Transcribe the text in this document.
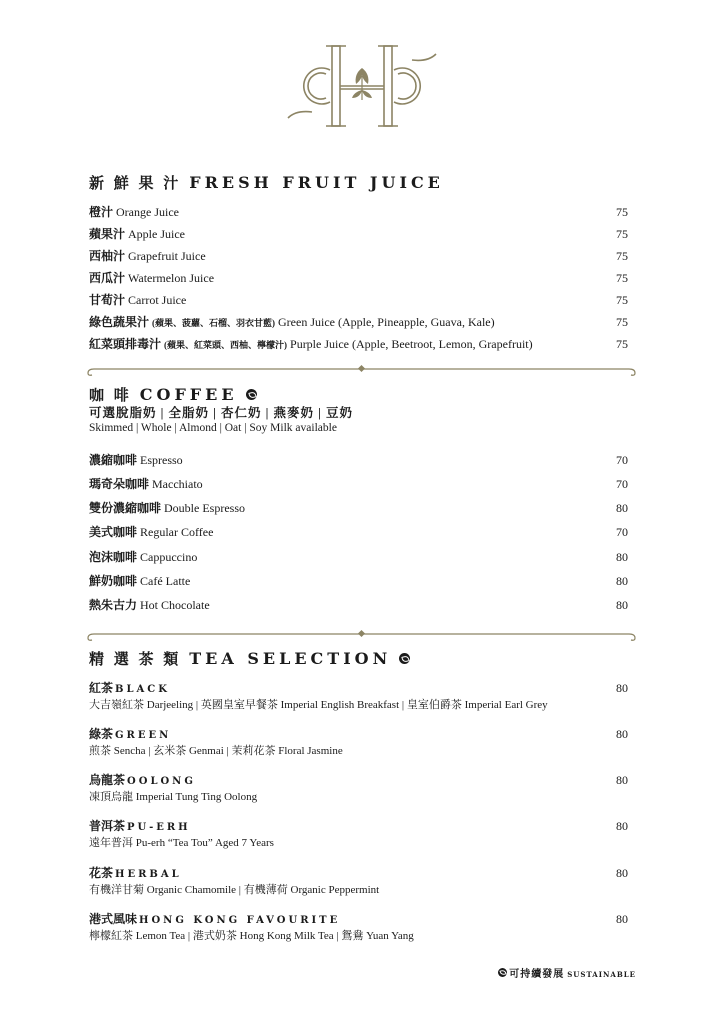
新 鮮 果 汁 FRESH FRUIT JUICE
橙汁 Orange Juice	75
蘋果汁 Apple Juice	75
西柚汁 Grapefruit Juice	75
西瓜汁 Watermelon Juice	75
甘荀汁 Carrot Juice	75
綠色蔬果汁 (蘋果、菠蘿、石榴、羽衣甘藍) Green Juice (Apple, Pineapple, Guava, Kale)	75
紅菜頭排毒汁 (蘋果、紅菜頭、西柚、檸檬汁) Purple Juice (Apple, Beetroot, Lemon, Grapefruit)	75
咖 啡 COFFEE
可選脫脂奶 | 全脂奶 | 杏仁奶 | 燕麥奶 | 豆奶
Skimmed | Whole | Almond | Oat | Soy Milk available
濃縮咖啡 Espresso	70
瑪奇朵咖啡 Macchiato	70
雙份濃縮咖啡 Double Espresso	80
美式咖啡 Regular Coffee	70
泡沫咖啡 Cappuccino	80
鮮奶咖啡 Café Latte	80
熱朱古力 Hot Chocolate	80
精 選 茶 類 TEA SELECTION
紅茶 BLACK	80
大吉嶺紅茶 Darjeeling | 英國皇室早餐茶 Imperial English Breakfast | 皇室伯爵茶 Imperial Earl Grey
綠茶 GREEN	80
煎茶 Sencha | 玄米茶 Genmai | 茉莉花茶 Floral Jasmine
烏龍茶 OOLONG	80
凍頂烏龍 Imperial Tung Ting Oolong
普洱茶 PU-ERH	80
遠年普洱 Pu-erh “Tea Tou” Aged 7 Years
花茶 HERBAL	80
有機洋甘菊 Organic Chamomile | 有機薄荷 Organic Peppermint
港式風味 HONG KONG FAVOURITE	80
檸檬紅茶 Lemon Tea | 港式奶茶 Hong Kong Milk Tea | 鴛鴦 Yuan Yang
可持續發展 SUSTAINABLE
